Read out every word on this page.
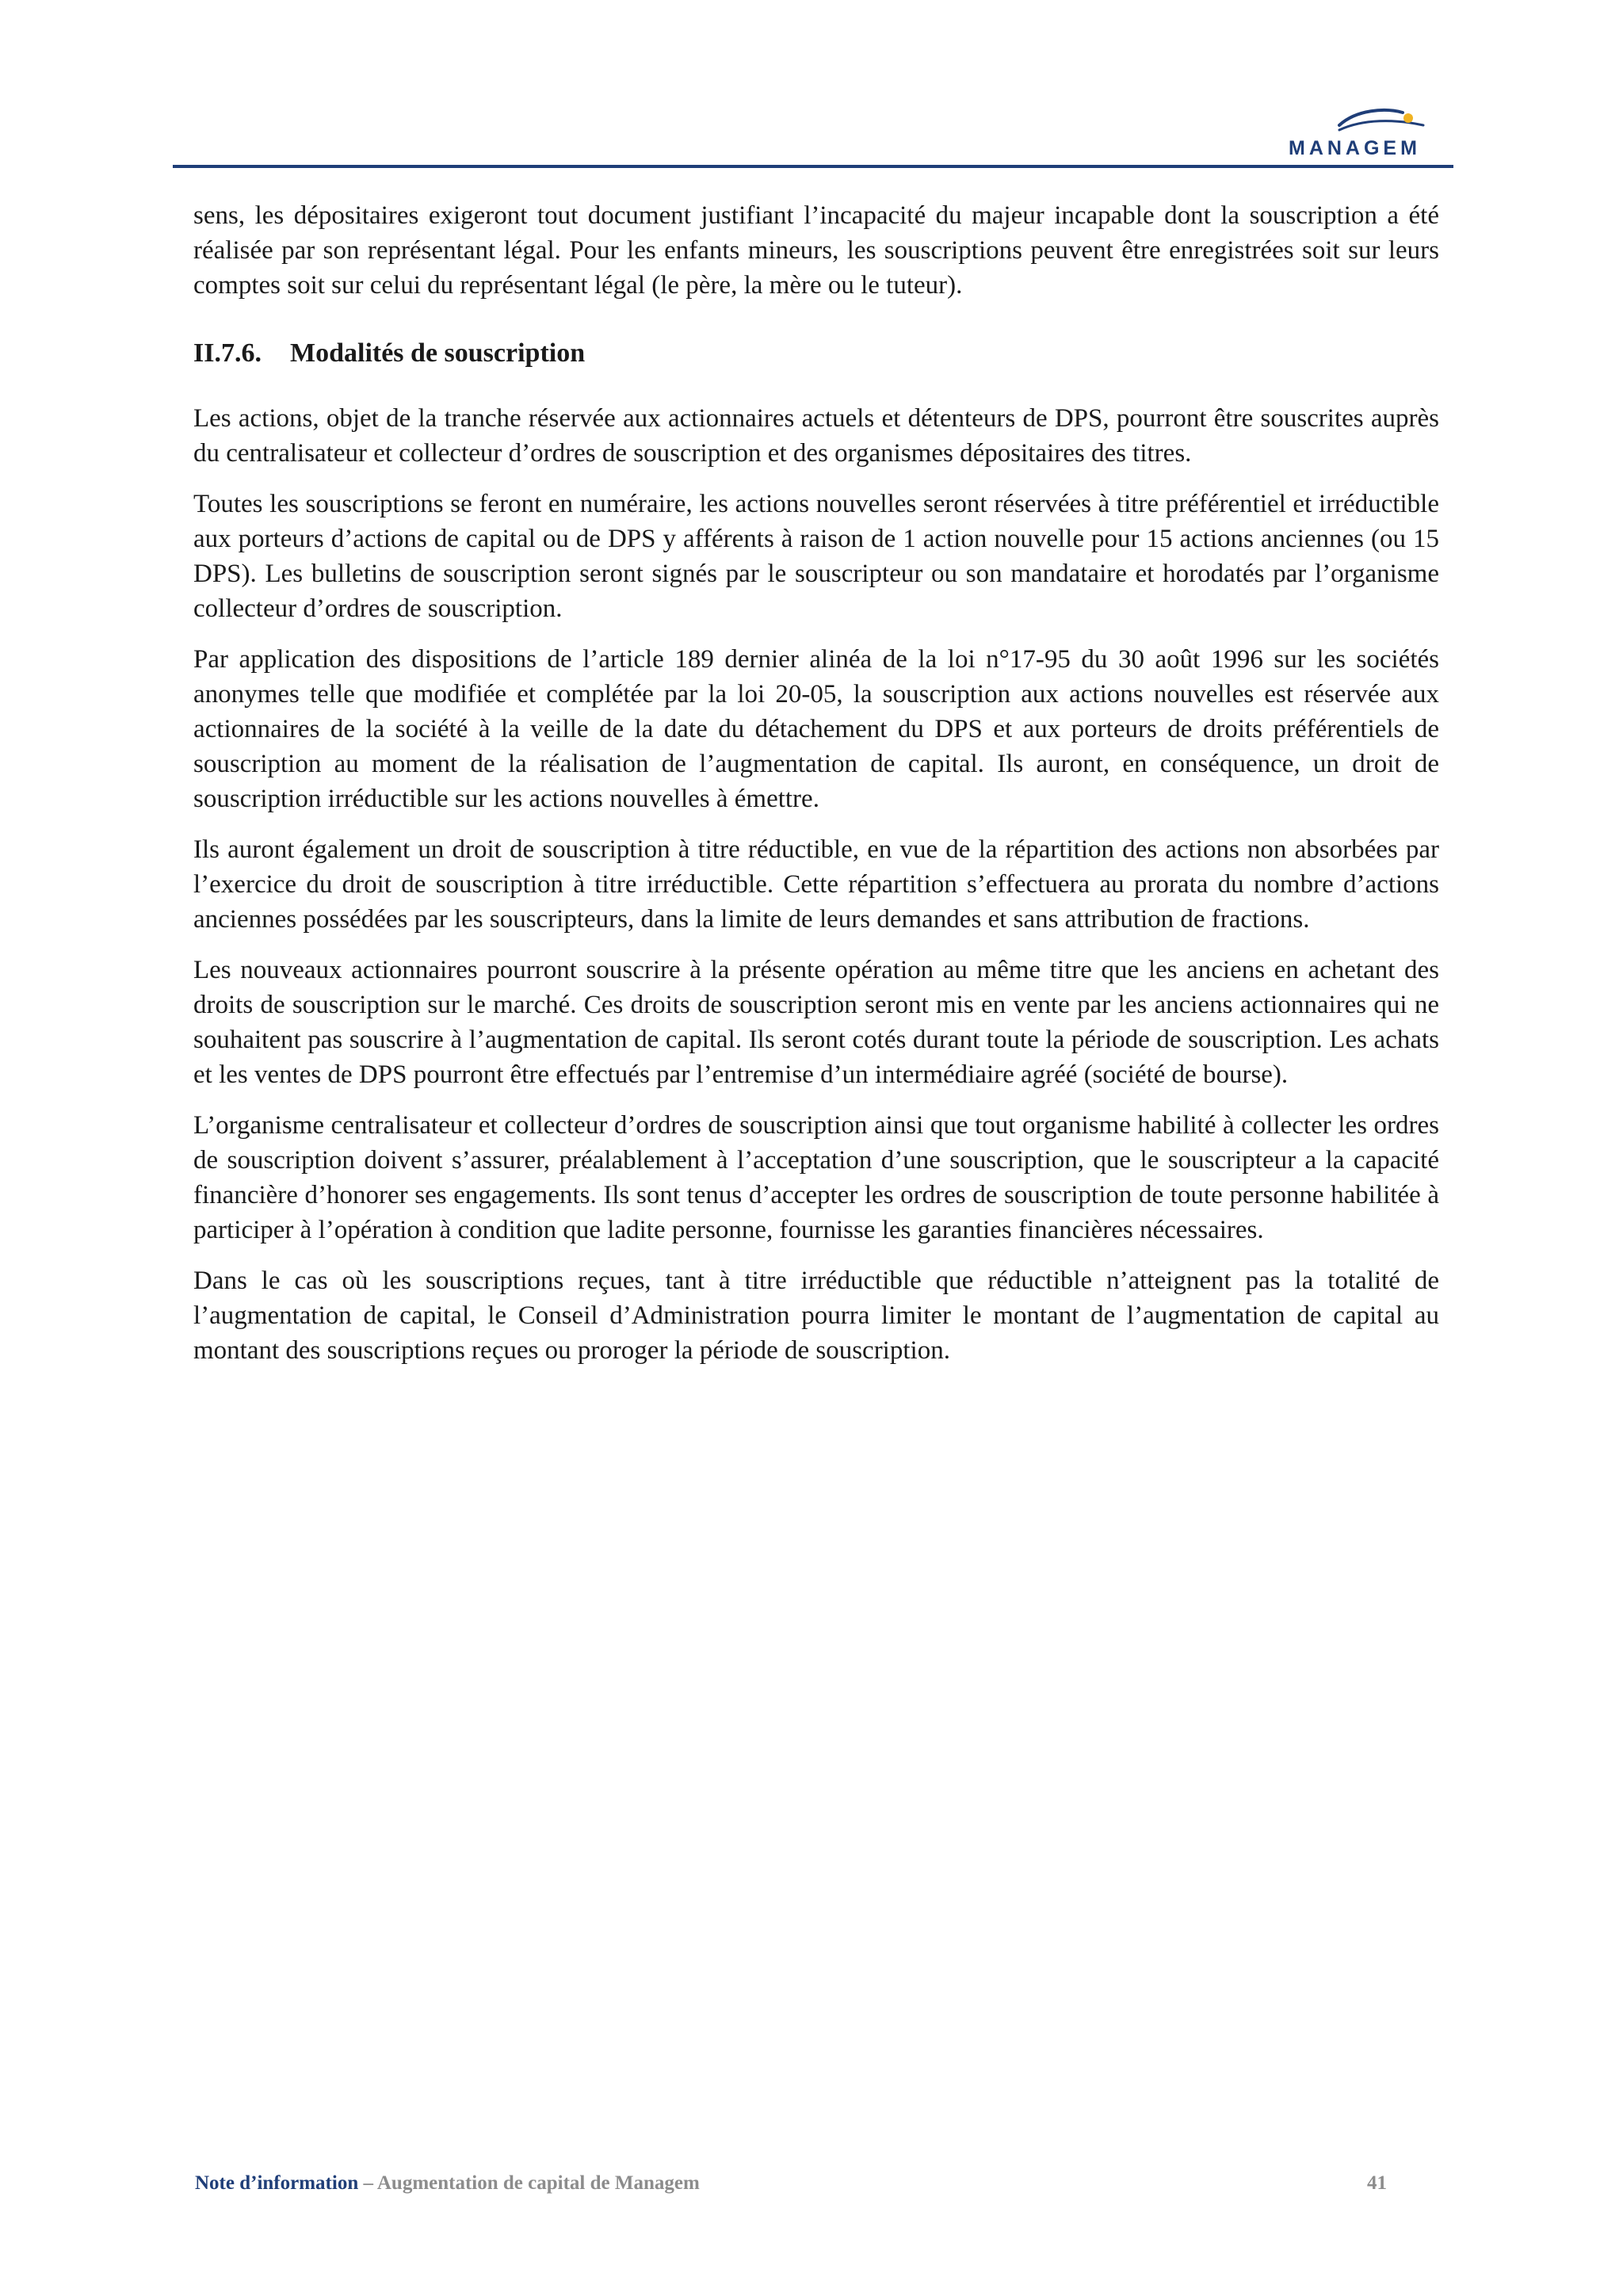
MANAGEM

sens, les dépositaires exigeront tout document justifiant l’incapacité du majeur incapable dont la souscription a été réalisée par son représentant légal. Pour les enfants mineurs, les souscriptions peuvent être enregistrées soit sur leurs comptes soit sur celui du représentant légal (le père, la mère ou le tuteur).

II.7.6. Modalités de souscription

Les actions, objet de la tranche réservée aux actionnaires actuels et détenteurs de DPS, pourront être souscrites auprès du centralisateur et collecteur d’ordres de souscription et des organismes dépositaires des titres.

Toutes les souscriptions se feront en numéraire, les actions nouvelles seront réservées à titre préférentiel et irréductible aux porteurs d’actions de capital ou de DPS y afférents à raison de 1 action nouvelle pour 15 actions anciennes (ou 15 DPS). Les bulletins de souscription seront signés par le souscripteur ou son mandataire et horodatés par l’organisme collecteur d’ordres de souscription.

Par application des dispositions de l’article 189 dernier alinéa de la loi n°17-95 du 30 août 1996 sur les sociétés anonymes telle que modifiée et complétée par la loi 20-05, la souscription aux actions nouvelles est réservée aux actionnaires de la société à la veille de la date du détachement du DPS et aux porteurs de droits préférentiels de souscription au moment de la réalisation de l’augmentation de capital. Ils auront, en conséquence, un droit de souscription irréductible sur les actions nouvelles à émettre.

Ils auront également un droit de souscription à titre réductible, en vue de la répartition des actions non absorbées par l’exercice du droit de souscription à titre irréductible. Cette répartition s’effectuera au prorata du nombre d’actions anciennes possédées par les souscripteurs, dans la limite de leurs demandes et sans attribution de fractions.

Les nouveaux actionnaires pourront souscrire à la présente opération au même titre que les anciens en achetant des droits de souscription sur le marché. Ces droits de souscription seront mis en vente par les anciens actionnaires qui ne souhaitent pas souscrire à l’augmentation de capital. Ils seront cotés durant toute la période de souscription. Les achats et les ventes de DPS pourront être effectués par l’entremise d’un intermédiaire agréé (société de bourse).

L’organisme centralisateur et collecteur d’ordres de souscription ainsi que tout organisme habilité à collecter les ordres de souscription doivent s’assurer, préalablement à l’acceptation d’une souscription, que le souscripteur a la capacité financière d’honorer ses engagements. Ils sont tenus d’accepter les ordres de souscription de toute personne habilitée à participer à l’opération à condition que ladite personne, fournisse les garanties financières nécessaires.

Dans le cas où les souscriptions reçues, tant à titre irréductible que réductible n’atteignent pas la totalité de l’augmentation de capital, le Conseil d’Administration pourra limiter le montant de l’augmentation de capital au montant des souscriptions reçues ou proroger la période de souscription.

Note d’information – Augmentation de capital de Managem	41
